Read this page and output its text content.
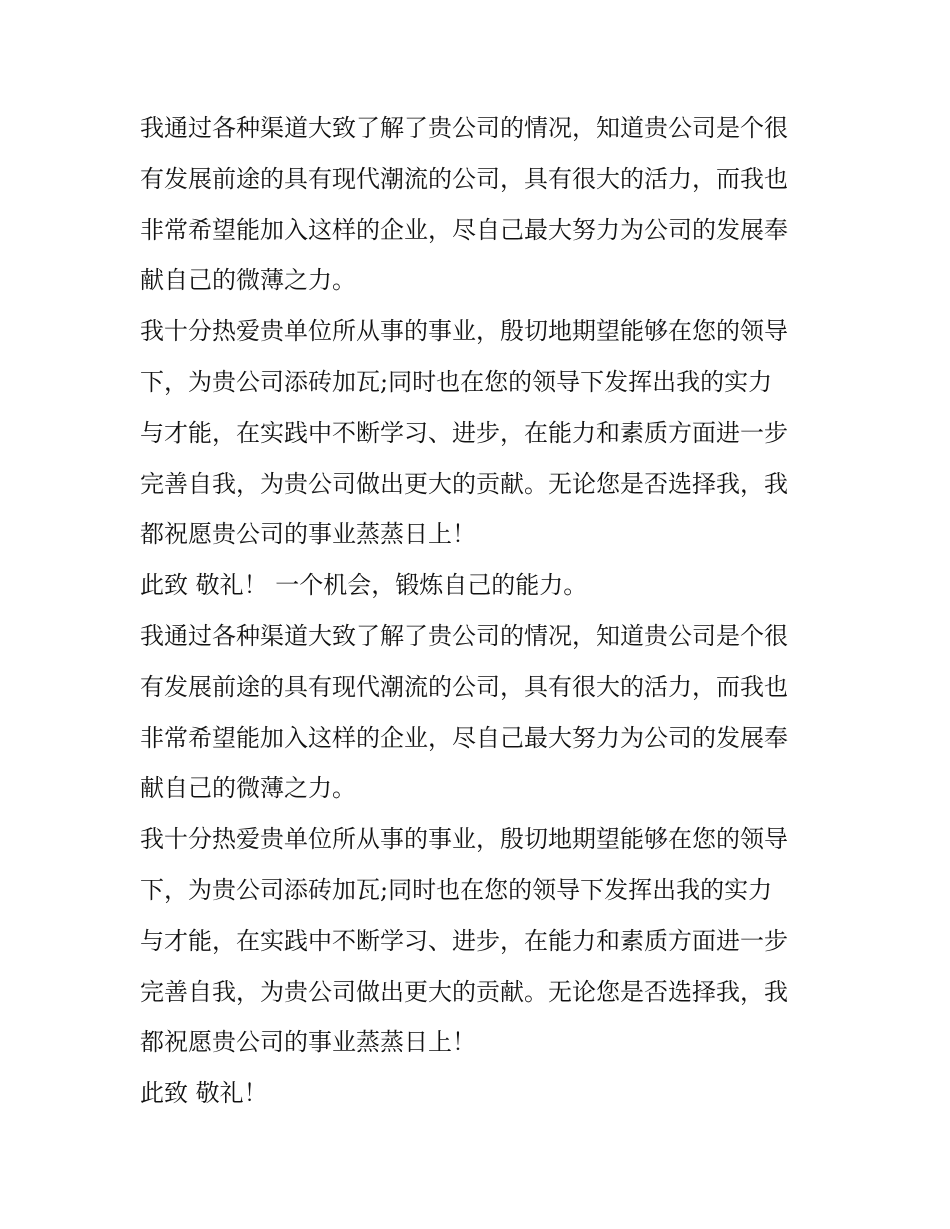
我通过各种渠道大致了解了贵公司的情况，知道贵公司是个很
有发展前途的具有现代潮流的公司，具有很大的活力，而我也
非常希望能加入这样的企业，尽自己最大努力为公司的发展奉
献自己的微薄之力。
我十分热爱贵单位所从事的事业，殷切地期望能够在您的领导
下，为贵公司添砖加瓦;同时也在您的领导下发挥出我的实力
与才能，在实践中不断学习、进步，在能力和素质方面进一步
完善自我，为贵公司做出更大的贡献。无论您是否选择我，我
都祝愿贵公司的事业蒸蒸日上！
此致 敬礼！ 一个机会，锻炼自己的能力。
我通过各种渠道大致了解了贵公司的情况，知道贵公司是个很
有发展前途的具有现代潮流的公司，具有很大的活力，而我也
非常希望能加入这样的企业，尽自己最大努力为公司的发展奉
献自己的微薄之力。
我十分热爱贵单位所从事的事业，殷切地期望能够在您的领导
下，为贵公司添砖加瓦;同时也在您的领导下发挥出我的实力
与才能，在实践中不断学习、进步，在能力和素质方面进一步
完善自我，为贵公司做出更大的贡献。无论您是否选择我，我
都祝愿贵公司的事业蒸蒸日上！
此致 敬礼！
